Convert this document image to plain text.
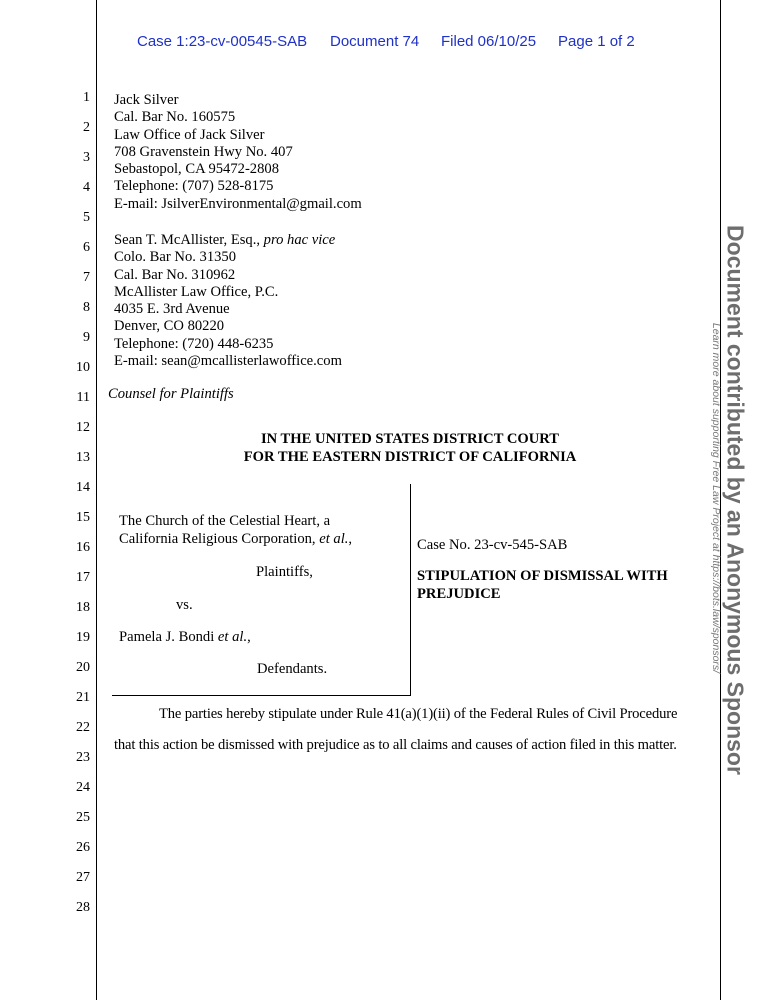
Case 1:23-cv-00545-SAB Document 74 Filed 06/10/25 Page 1 of 2
1
2
3
4
5
6
7
8
9
10
11
12
13
14
15
16
17
18
19
20
21
22
23
24
25
26
27
28
Jack Silver
Cal. Bar No. 160575
Law Office of Jack Silver
708 Gravenstein Hwy No. 407
Sebastopol, CA 95472-2808
Telephone: (707) 528-8175
E-mail: JsilverEnvironmental@gmail.com
Sean T. McAllister, Esq., pro hac vice
Colo. Bar No. 31350
Cal. Bar No. 310962
McAllister Law Office, P.C.
4035 E. 3rd Avenue
Denver, CO 80220
Telephone: (720) 448-6235
E-mail: sean@mcallisterlawoffice.com
Counsel for Plaintiffs
IN THE UNITED STATES DISTRICT COURT
FOR THE EASTERN DISTRICT OF CALIFORNIA
The Church of the Celestial Heart, a
California Religious Corporation, et al.,
Plaintiffs,
vs.
Pamela J. Bondi et al.,
Defendants.
Case No. 23-cv-545-SAB
STIPULATION OF DISMISSAL WITH
PREJUDICE
The parties hereby stipulate under Rule 41(a)(1)(ii) of the Federal Rules of Civil Procedure
that this action be dismissed with prejudice as to all claims and causes of action filed in this matter. Document contributed by an Anonymous Sponsor
Learn more about supporting Free Law Project at https://bots.law/sponsors/
